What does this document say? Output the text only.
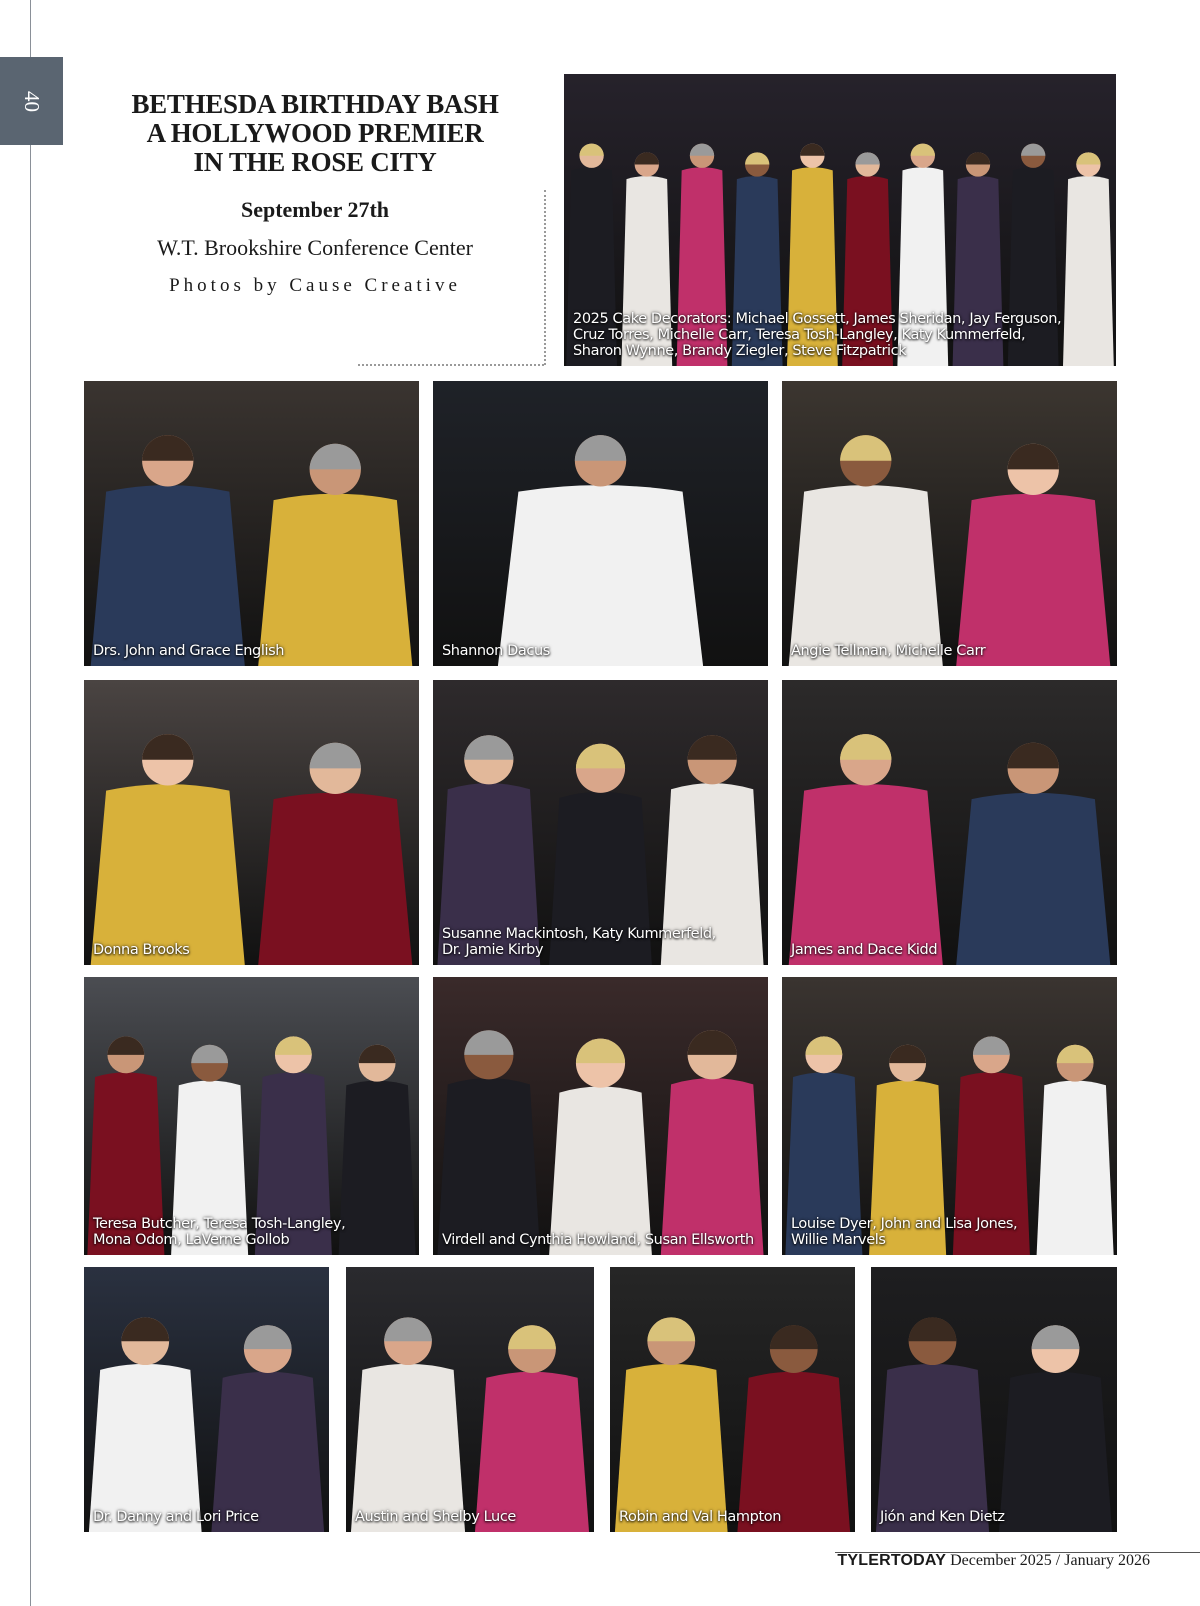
40	BETHESDA BIRTHDAY BASH
A HOLLYWOOD PREMIER
IN THE ROSE CITY
September 27th
W.T. Brookshire Conference Center
Photos by Cause Creative
2025 Cake Decorators: Michael Gossett, James Sheridan, Jay Ferguson,
Cruz Torres, Michelle Carr, Teresa Tosh-Langley, Katy Kummerfeld,
Sharon Wynne, Brandy Ziegler, Steve Fitzpatrick
Drs. John and Grace English	Shannon Dacus	Angie Tellman, Michelle Carr
Donna Brooks
Susanne Mackintosh, Katy Kummerfeld,
Dr. Jamie Kirby	James and Dace Kidd
Teresa Butcher, Teresa Tosh-Langley,
Mona Odom, LaVerne Gollob	Virdell and Cynthia Howland, Susan Ellsworth
Louise Dyer, John and Lisa Jones,
Willie Marvels
Dr. Danny and Lori Price	Austin and Shelby Luce	Robin and Val Hampton	Jión and Ken Dietz
TYLERTODAY December 2025 / January 2026
